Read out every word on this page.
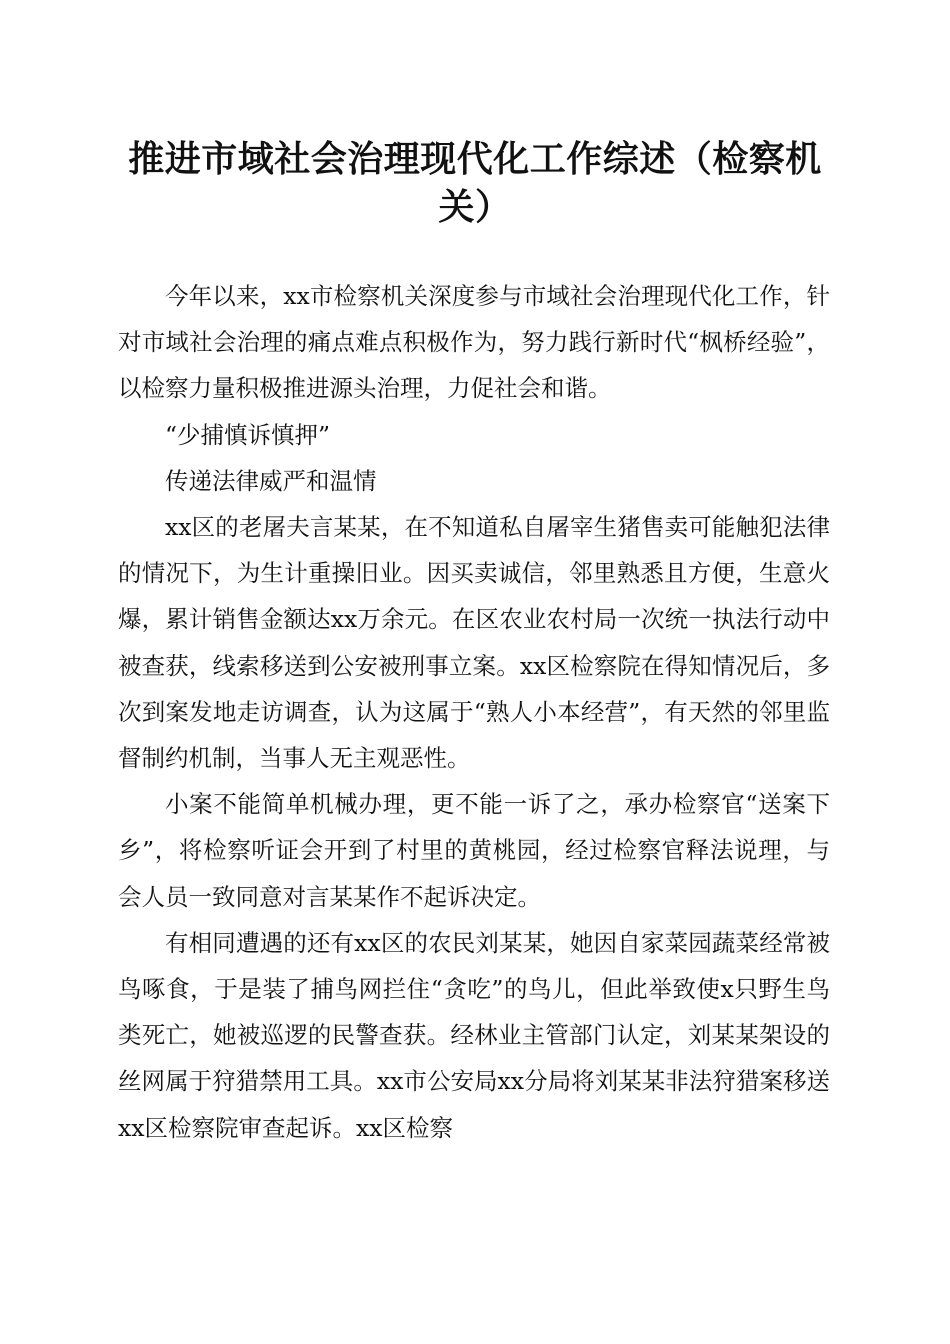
推进市域社会治理现代化工作综述（检察机关）

今年以来，xx市检察机关深度参与市域社会治理现代化工作，针对市域社会治理的痛点难点积极作为，努力践行新时代“枫桥经验”，以检察力量积极推进源头治理，力促社会和谐。

“少捕慎诉慎押”

传递法律威严和温情

xx区的老屠夫言某某，在不知道私自屠宰生猪售卖可能触犯法律的情况下，为生计重操旧业。因买卖诚信，邻里熟悉且方便，生意火爆，累计销售金额达xx万余元。在区农业农村局一次统一执法行动中被查获，线索移送到公安被刑事立案。xx区检察院在得知情况后，多次到案发地走访调查，认为这属于“熟人小本经营”，有天然的邻里监督制约机制，当事人无主观恶性。

小案不能简单机械办理，更不能一诉了之，承办检察官“送案下乡”，将检察听证会开到了村里的黄桃园，经过检察官释法说理，与会人员一致同意对言某某作不起诉决定。

有相同遭遇的还有xx区的农民刘某某，她因自家菜园蔬菜经常被鸟啄食，于是装了捕鸟网拦住“贪吃”的鸟儿，但此举致使x只野生鸟类死亡，她被巡逻的民警查获。经林业主管部门认定，刘某某架设的丝网属于狩猎禁用工具。xx市公安局xx分局将刘某某非法狩猎案移送xx区检察院审查起诉。xx区检察
